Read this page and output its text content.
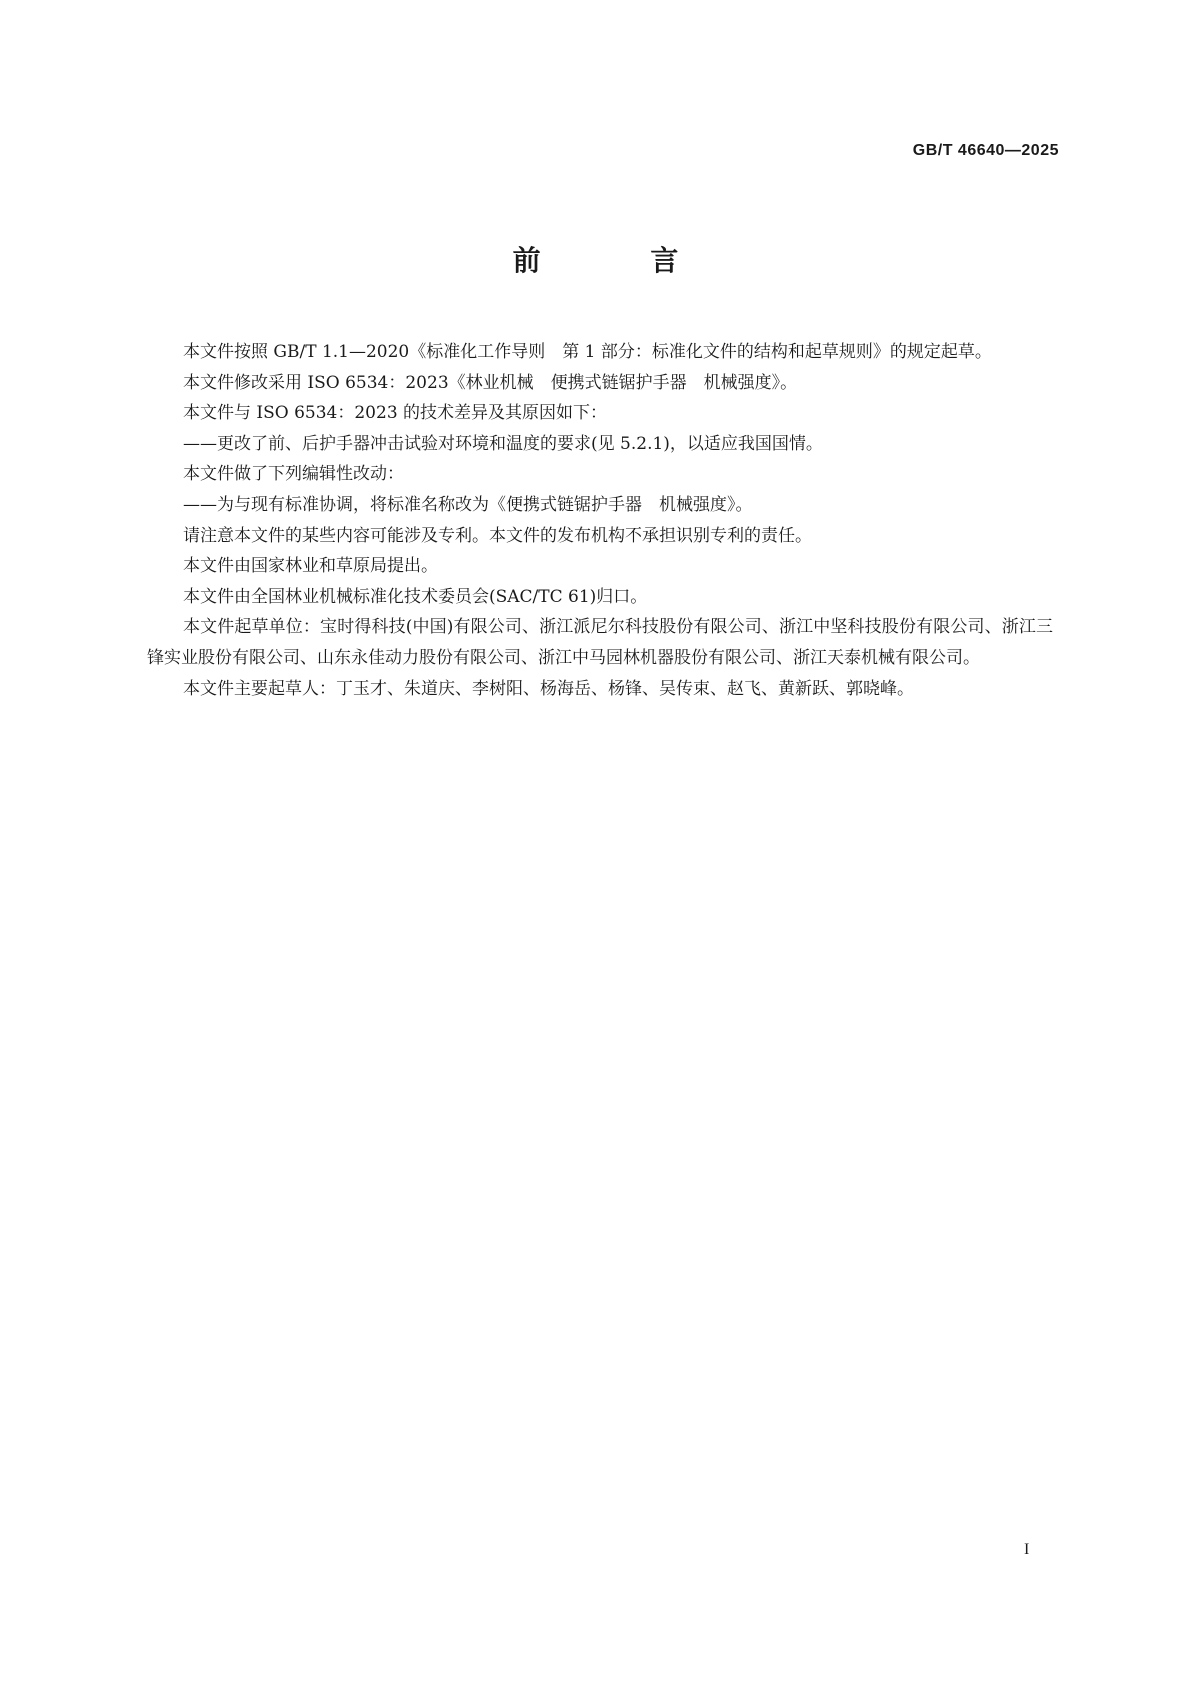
GB/T 46640—2025
前 言

本文件按照 GB/T 1.1—2020《标准化工作导则　第 1 部分：标准化文件的结构和起草规则》的规定起草。

本文件修改采用 ISO 6534：2023《林业机械　便携式链锯护手器　机械强度》。

本文件与 ISO 6534：2023 的技术差异及其原因如下：

——更改了前、后护手器冲击试验对环境和温度的要求(见 5.2.1)，以适应我国国情。

本文件做了下列编辑性改动：

——为与现有标准协调，将标准名称改为《便携式链锯护手器　机械强度》。

请注意本文件的某些内容可能涉及专利。本文件的发布机构不承担识别专利的责任。

本文件由国家林业和草原局提出。

本文件由全国林业机械标准化技术委员会(SAC/TC 61)归口。

本文件起草单位：宝时得科技(中国)有限公司、浙江派尼尔科技股份有限公司、浙江中坚科技股份有限公司、浙江三锋实业股份有限公司、山东永佳动力股份有限公司、浙江中马园林机器股份有限公司、浙江天泰机械有限公司。

本文件主要起草人：丁玉才、朱道庆、李树阳、杨海岳、杨锋、吴传束、赵飞、黄新跃、郭晓峰。

I
